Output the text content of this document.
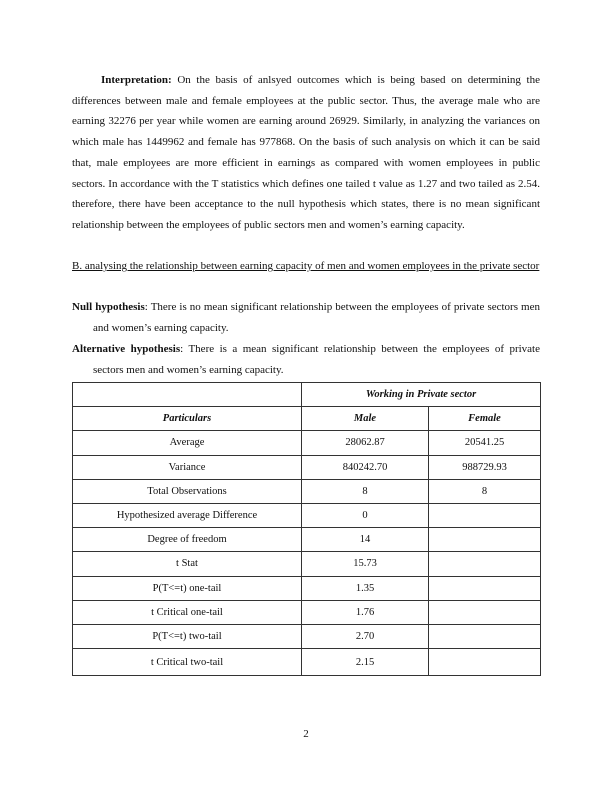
Interpretation: On the basis of anlsyed outcomes which is being based on determining the differences between male and female employees at the public sector. Thus, the average male who are earning 32276 per year while women are earning around 26929. Similarly, in analyzing the variances on which male has 1449962 and female has 977868. On the basis of such analysis on which it can be said that, male employees are more efficient in earnings as compared with women employees in public sectors. In accordance with the T statistics which defines one tailed t value as 1.27 and two tailed as 2.54. therefore, there have been acceptance to the null hypothesis which states, there is no mean significant relationship between the employees of public sectors men and women’s earning capacity.

B. analysing the relationship between earning capacity of men and women employees in the private sector

Null hypothesis: There is no mean significant relationship between the employees of private sectors men and women’s earning capacity.

Alternative hypothesis: There is a mean significant relationship between the employees of private sectors men and women’s earning capacity.

	Working in Private sector	
Particulars	Male	Female
Average	28062.87	20541.25
Variance	840242.70	988729.93
Total Observations	8	8
Hypothesized average Difference	0	
Degree of freedom	14	
t Stat	15.73	
P(T<=t) one-tail	1.35	
t Critical one-tail	1.76	
P(T<=t) two-tail	2.70	
t Critical two-tail	2.15	
2
